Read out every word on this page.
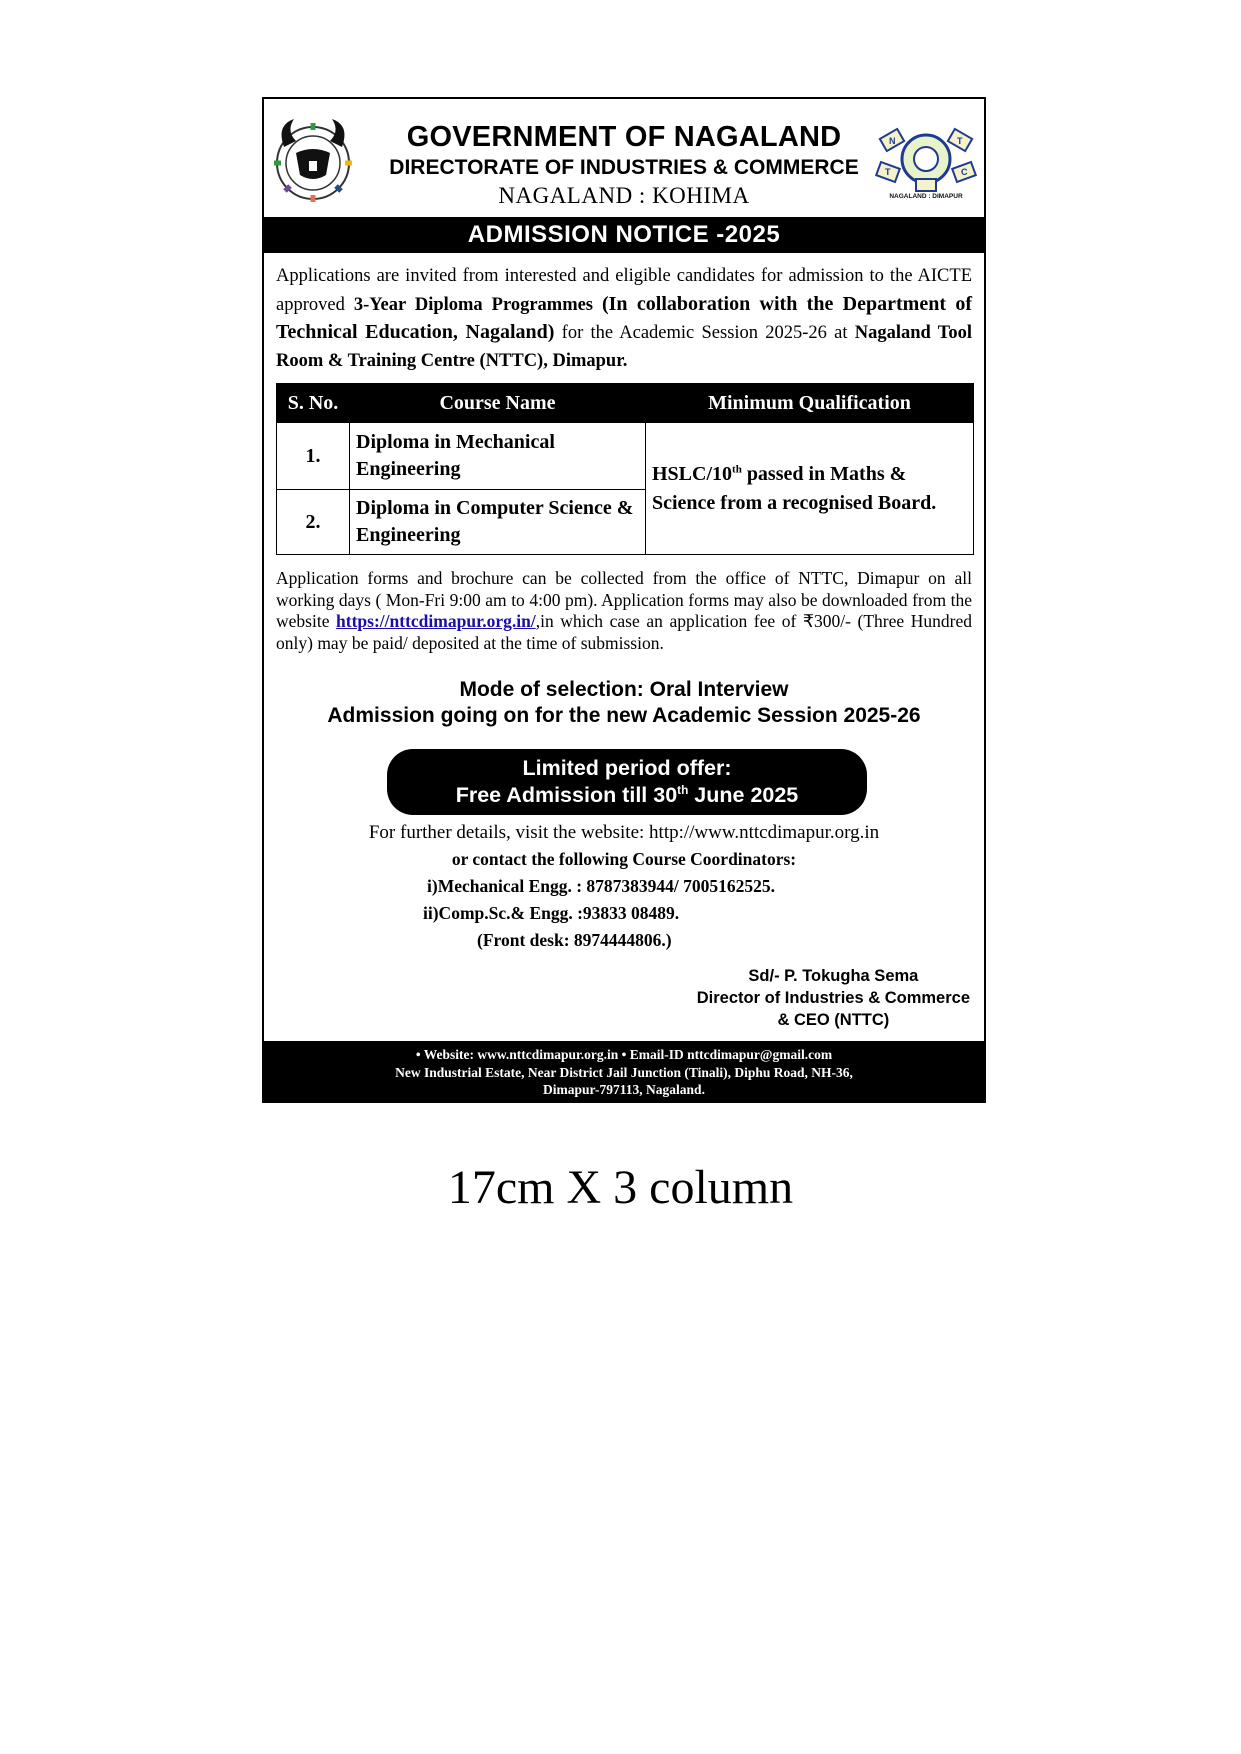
GOVERNMENT OF NAGALAND
DIRECTORATE OF INDUSTRIES & COMMERCE
NAGALAND : KOHIMA
N	T
T	C
NAGALAND : DIMAPUR
ADMISSION NOTICE -2025
Applications are invited from interested and eligible candidates for admission to the AICTE approved 3-Year Diploma Programmes (In collaboration with the Department of Technical Education, Nagaland) for the Academic Session 2025-26 at Nagaland Tool Room & Training Centre (NTTC), Dimapur.
S. No.	Course Name	Minimum Qualification
1.	Diploma in Mechanical Engineering	HSLC/10th passed in Maths & Science from a recognised Board.
2.	Diploma in Computer Science & Engineering	
Application forms and brochure can be collected from the office of NTTC, Dimapur on all working days ( Mon-Fri 9:00 am to 4:00 pm). Application forms may also be downloaded from the website https://nttcdimapur.org.in/,in which case an application fee of ₹300/- (Three Hundred only) may be paid/ deposited at the time of submission.
Mode of selection: Oral Interview
Admission going on for the new Academic Session 2025-26
Limited period offer:
Free Admission till 30th June 2025
For further details, visit the website: http://www.nttcdimapur.org.in
or contact the following Course Coordinators:
i)Mechanical Engg. : 8787383944/ 7005162525.
ii)Comp.Sc.& Engg. :93833 08489.
(Front desk: 8974444806.)
Sd/- P. Tokugha Sema
Director of Industries & Commerce
& CEO (NTTC)
• Website: www.nttcdimapur.org.in • Email-ID nttcdimapur@gmail.com
New Industrial Estate, Near District Jail Junction (Tinali), Diphu Road, NH-36,
Dimapur-797113, Nagaland.
17cm X 3 column
